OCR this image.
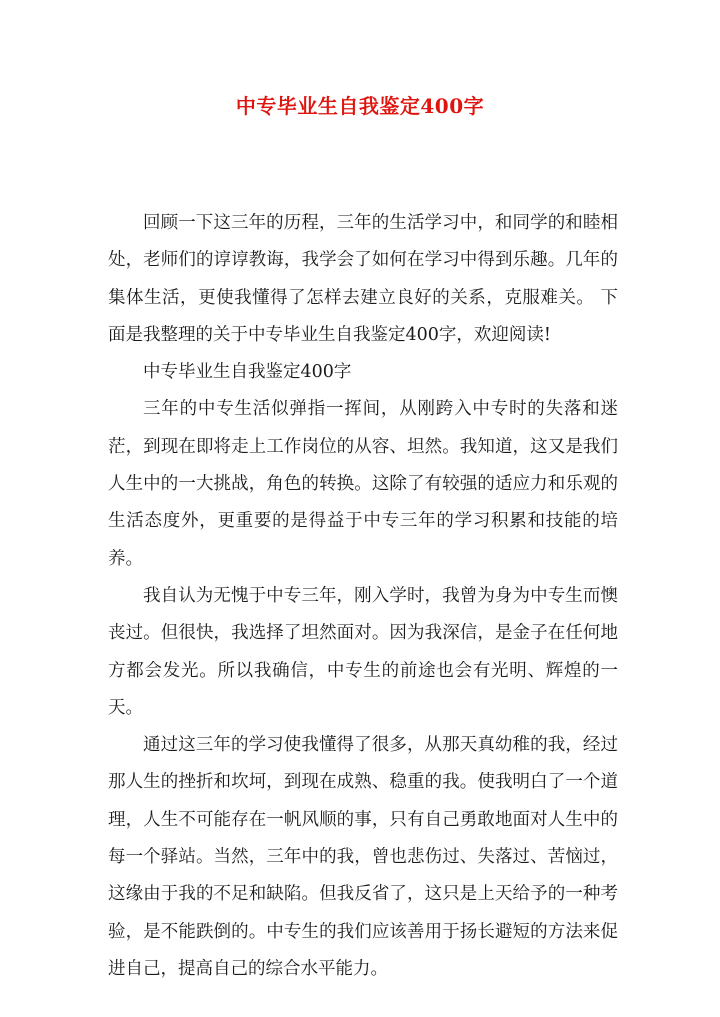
中专毕业生自我鉴定400字

回顾一下这三年的历程，三年的生活学习中，和同学的和睦相处，老师们的谆谆教诲，我学会了如何在学习中得到乐趣。几年的集体生活，更使我懂得了怎样去建立良好的关系，克服难关。 下面是我整理的关于中专毕业生自我鉴定400字，欢迎阅读!

中专毕业生自我鉴定400字

三年的中专生活似弹指一挥间，从刚跨入中专时的失落和迷茫，到现在即将走上工作岗位的从容、坦然。我知道，这又是我们人生中的一大挑战，角色的转换。这除了有较强的适应力和乐观的生活态度外，更重要的是得益于中专三年的学习积累和技能的培养。

我自认为无愧于中专三年，刚入学时，我曾为身为中专生而懊丧过。但很快，我选择了坦然面对。因为我深信，是金子在任何地方都会发光。所以我确信，中专生的前途也会有光明、辉煌的一天。

通过这三年的学习使我懂得了很多，从那天真幼稚的我，经过那人生的挫折和坎坷，到现在成熟、稳重的我。使我明白了一个道理，人生不可能存在一帆风顺的事，只有自己勇敢地面对人生中的每一个驿站。当然，三年中的我，曾也悲伤过、失落过、苦恼过，这缘由于我的不足和缺陷。但我反省了，这只是上天给予的一种考验，是不能跌倒的。中专生的我们应该善用于扬长避短的方法来促进自己，提高自己的综合水平能力。
